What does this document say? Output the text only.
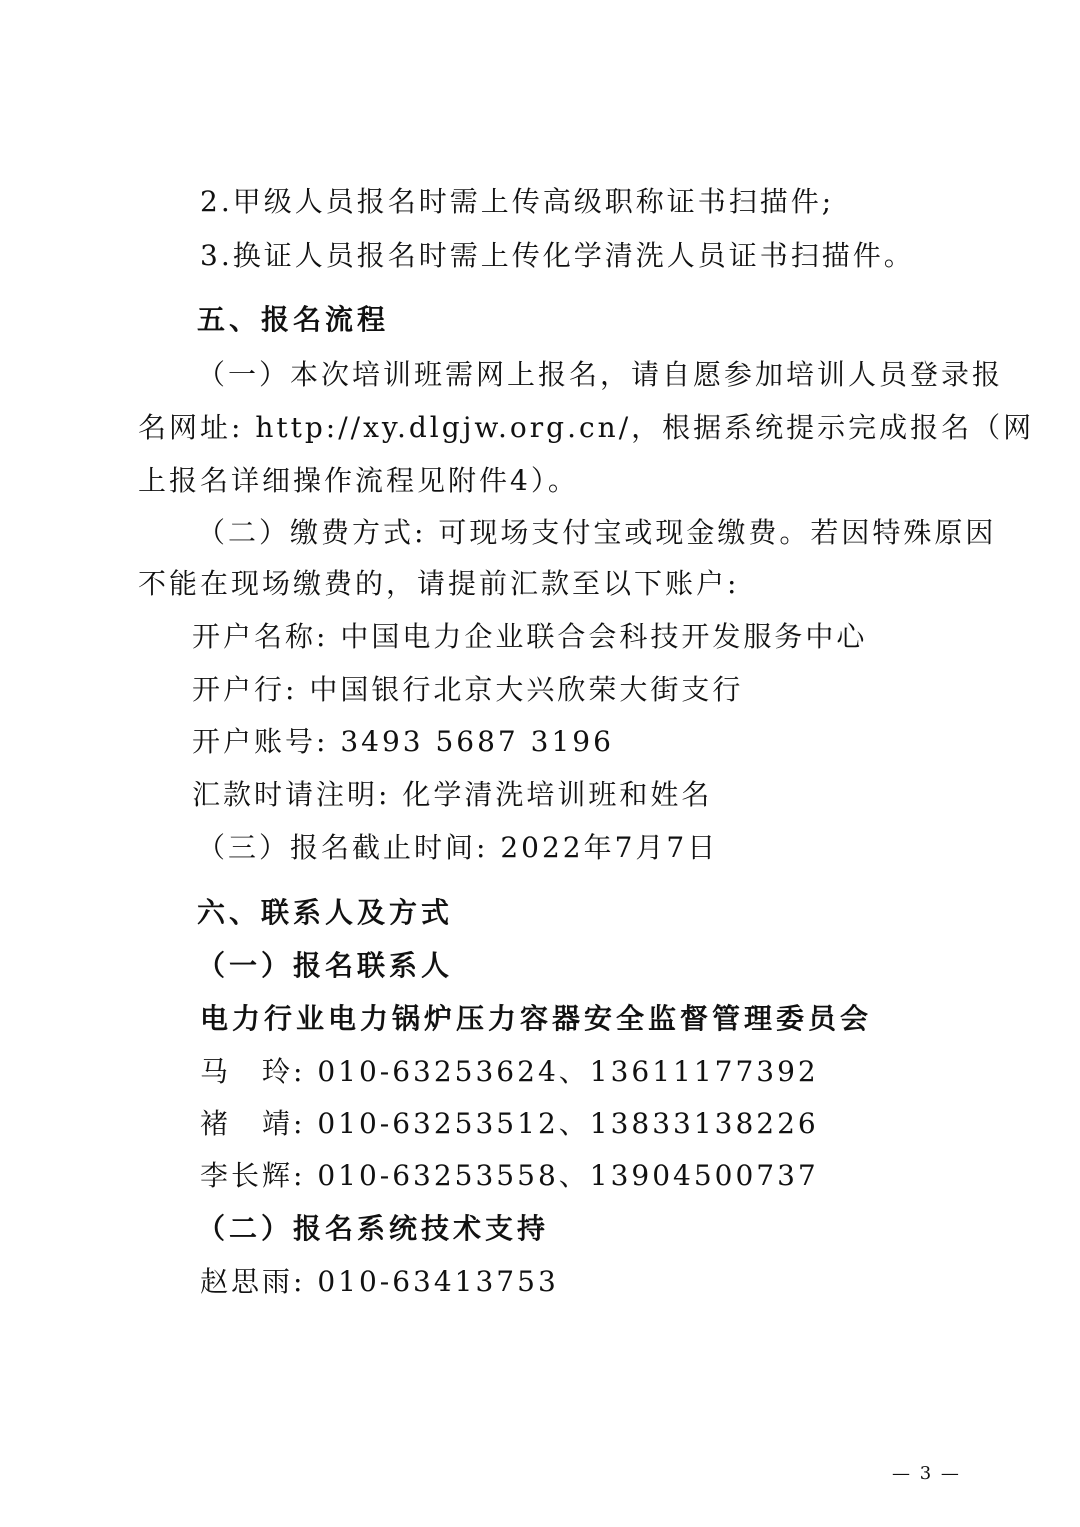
2.甲级人员报名时需上传高级职称证书扫描件;
3.换证人员报名时需上传化学清洗人员证书扫描件。
五、报名流程
（一）本次培训班需网上报名，请自愿参加培训人员登录报
名网址: http://xy.dlgjw.org.cn/，根据系统提示完成报名（网
上报名详细操作流程见附件4）。
（二）缴费方式: 可现场支付宝或现金缴费。若因特殊原因
不能在现场缴费的，请提前汇款至以下账户:
开户名称: 中国电力企业联合会科技开发服务中心
开户行: 中国银行北京大兴欣荣大街支行
开户账号: 3493 5687 3196
汇款时请注明: 化学清洗培训班和姓名
（三）报名截止时间: 2022年7月7日
六、联系人及方式
（一）报名联系人
电力行业电力锅炉压力容器安全监督管理委员会
马　玲: 010-63253624、13611177392
褚　靖: 010-63253512、13833138226
李长辉: 010-63253558、13904500737
（二）报名系统技术支持
赵思雨: 010-63413753
— 3 —
